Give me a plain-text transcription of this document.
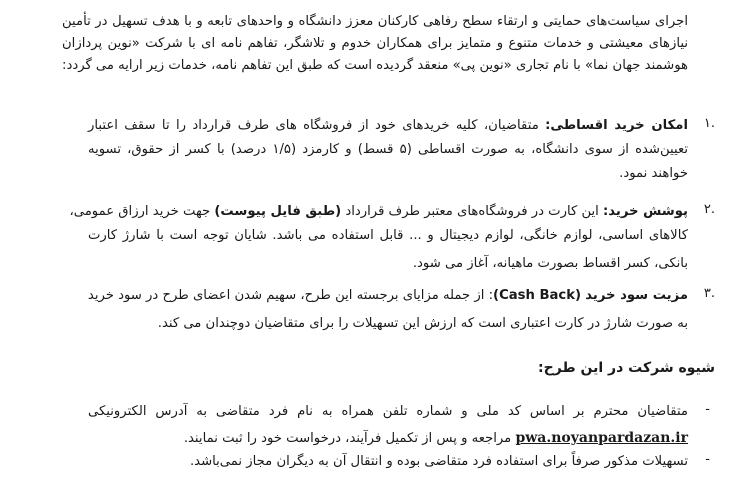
اجرای سیاست‌های حمایتی و ارتقاء سطح رفاهی کارکنان معزز دانشگاه و واحدهای تابعه و با هدف تسهیل در تأمین
نیازهای معیشتی و خدمات متنوع و متمایز برای همکاران خدوم و تلاشگر، تفاهم نامه ای با شرکت «نوین پردازان
هوشمند جهان نما» با نام تجاری «نوین پی» منعقد گردیده است که طبق این تفاهم نامه، خدمات زیر ارایه می گردد:
۱.
امکان خرید اقساطی: متقاضیان، کلیه خریدهای خود از فروشگاه های طرف قرارداد را تا سقف اعتبار
تعیین‌شده از سوی دانشگاه، به صورت اقساطی (۵ قسط) و کارمزد (۱/۵ درصد) با کسر از حقوق، تسویه
خواهند نمود.
۲.
پوشش خرید: این کارت در فروشگاه‌های معتبر طرف قرارداد (طبق فایل پیوست) جهت خرید ارزاق عمومی،
کالاهای اساسی، لوازم خانگی، لوازم دیجیتال و ... قابل استفاده می باشد. شایان توجه است با شارژ کارت
بانکی، کسر اقساط بصورت ماهیانه، آغاز می شود.
۳.
مزیت سود خرید (Cash Back): از جمله مزایای برجسته این طرح، سهیم شدن اعضای طرح در سود خرید
به صورت شارژ در کارت اعتباری است که ارزش این تسهیلات را برای متقاضیان دوچندان می کند.
شیوه شرکت در این طرح:
-
متقاضیان محترم بر اساس کد ملی و شماره تلفن همراه به نام فرد متقاضی به آدرس الکترونیکی
pwa.noyanpardazan.ir مراجعه و پس از تکمیل فرآیند، درخواست خود را ثبت نمایند.
-
تسهیلات مذکور صرفاً برای استفاده فرد متقاضی بوده و انتقال آن به دیگران مجاز نمی‌باشد.
